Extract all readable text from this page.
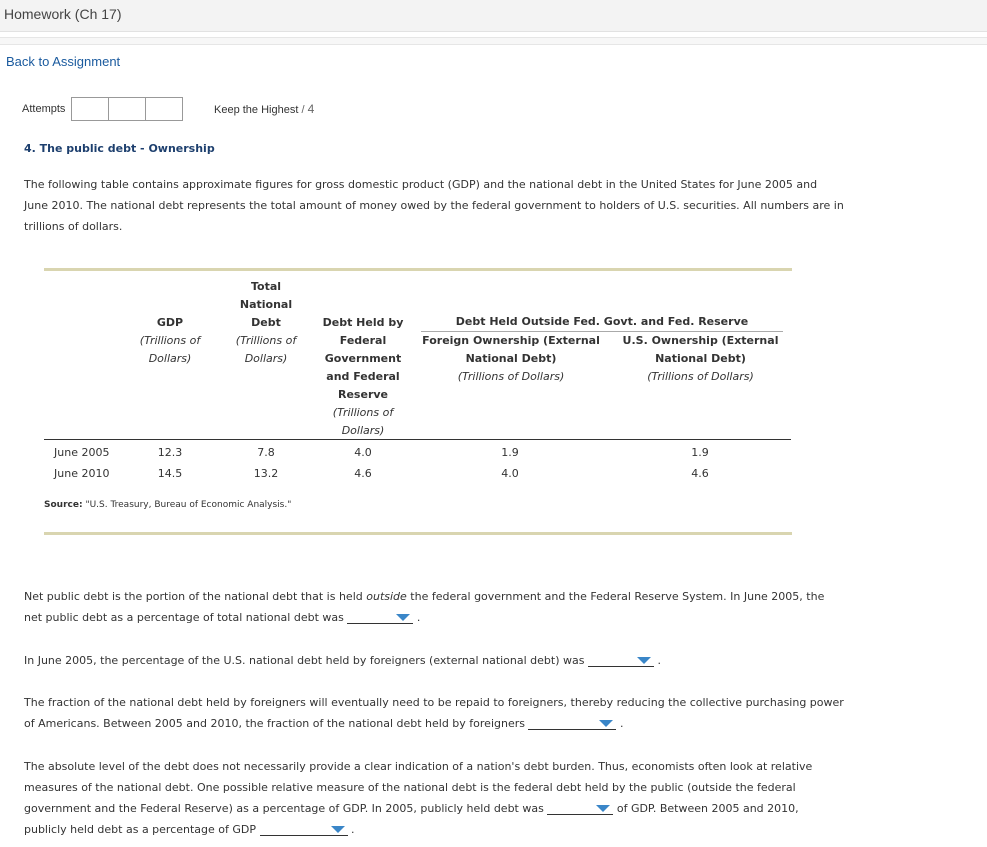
Homework (Ch 17)
Back to Assignment
Attempts	Keep the Highest / 4
4. The public debt - Ownership
The following table contains approximate figures for gross domestic product (GDP) and the national debt in the United States for June 2005 and June 2010. The national debt represents the total amount of money owed by the federal government to holders of U.S. securities. All numbers are in trillions of dollars.
GDP
(Trillions of Dollars)
Total National Debt
(Trillions of Dollars)
Debt Held by Federal Government and Federal Reserve
(Trillions of Dollars)
Debt Held Outside Fed. Govt. and Fed. Reserve
Foreign Ownership (External National Debt)
(Trillions of Dollars)
U.S. Ownership (External National Debt)
(Trillions of Dollars)
June 2005	12.3	7.8	4.0	1.9	1.9
June 2010	14.5	13.2	4.6	4.0	4.6
Source: "U.S. Treasury, Bureau of Economic Analysis."
Net public debt is the portion of the national debt that is held outside the federal government and the Federal Reserve System. In June 2005, the net public debt as a percentage of total national debt was	.
In June 2005, the percentage of the U.S. national debt held by foreigners (external national debt) was	.
The fraction of the national debt held by foreigners will eventually need to be repaid to foreigners, thereby reducing the collective purchasing power of Americans. Between 2005 and 2010, the fraction of the national debt held by foreigners	.
The absolute level of the debt does not necessarily provide a clear indication of a nation's debt burden. Thus, economists often look at relative measures of the national debt. One possible relative measure of the national debt is the federal debt held by the public (outside the federal government and the Federal Reserve) as a percentage of GDP. In 2005, publicly held debt was	of GDP. Between 2005 and 2010, publicly held debt as a percentage of GDP	.
